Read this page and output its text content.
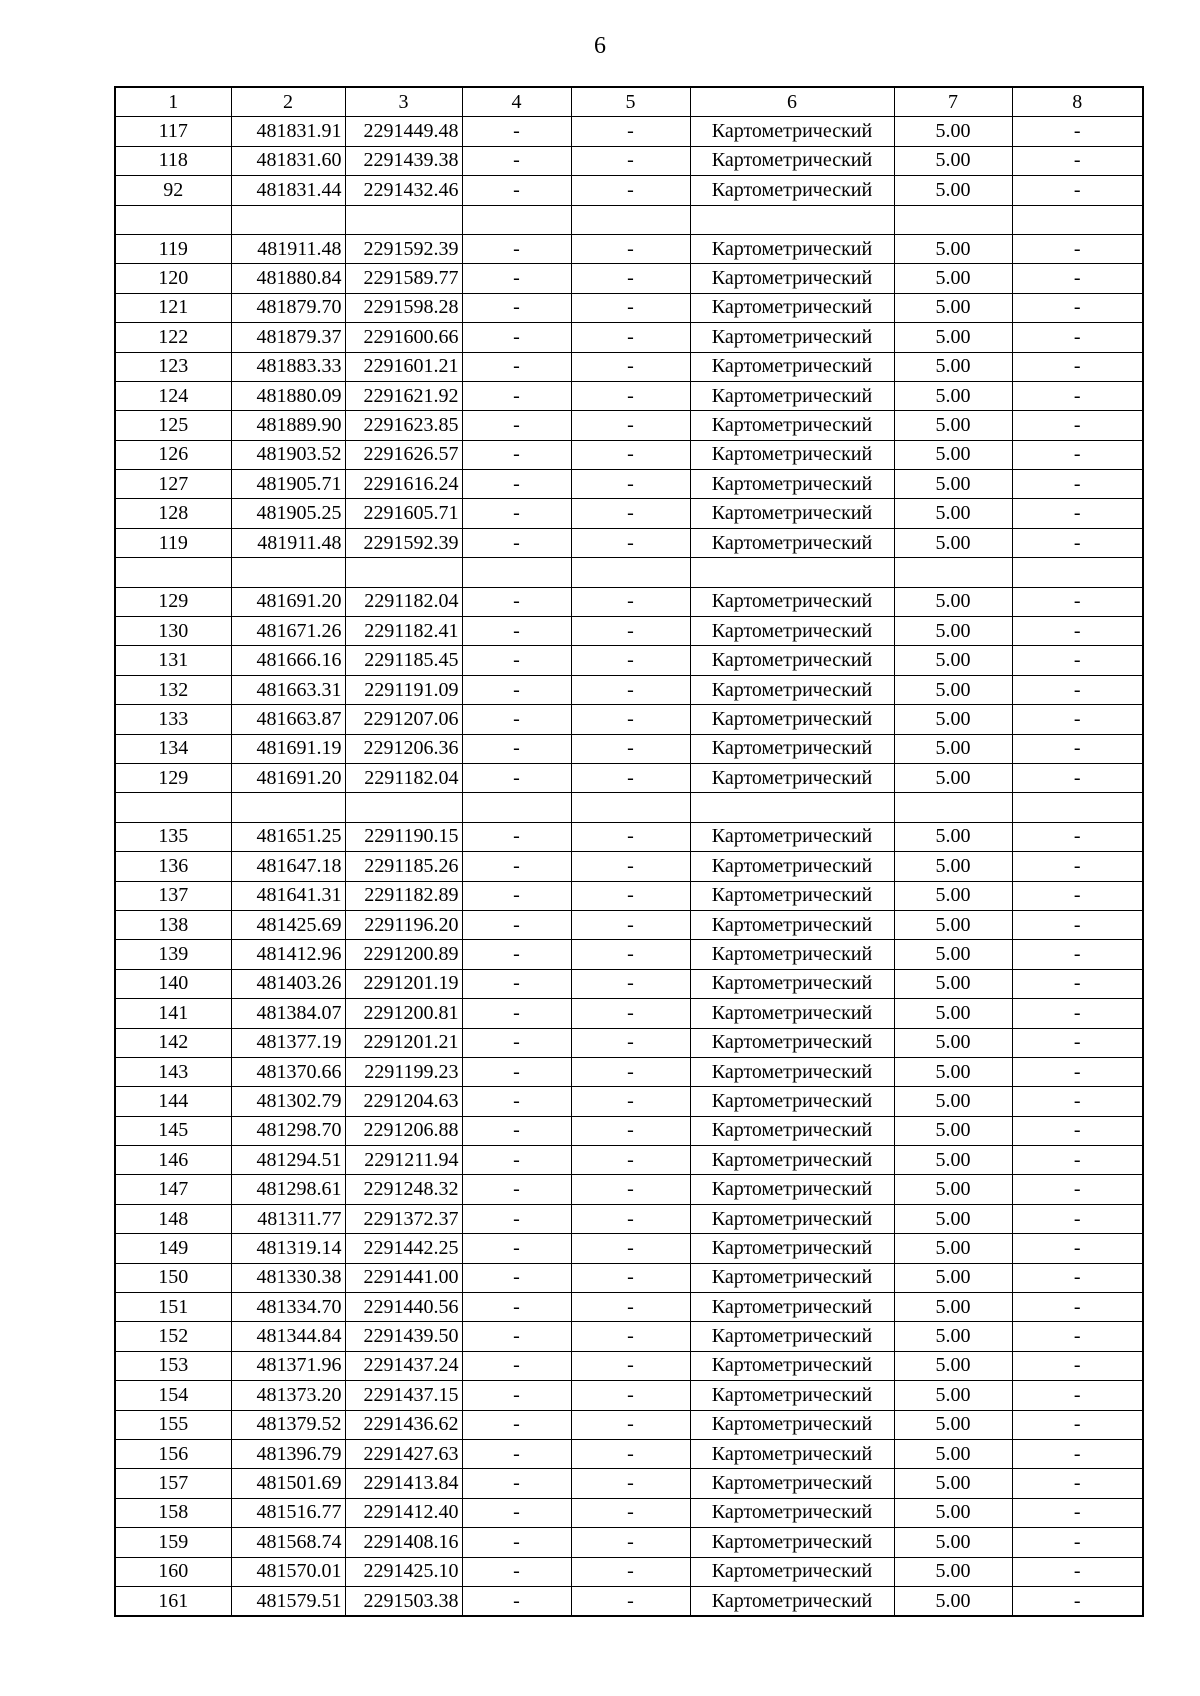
6
1	2	3	4	5	6	7	8
117	481831.91	2291449.48	-	-	Картометрический	5.00	-
118	481831.60	2291439.38	-	-	Картометрический	5.00	-
92	481831.44	2291432.46	-	-	Картометрический	5.00	-

119	481911.48	2291592.39	-	-	Картометрический	5.00	-
120	481880.84	2291589.77	-	-	Картометрический	5.00	-
121	481879.70	2291598.28	-	-	Картометрический	5.00	-
122	481879.37	2291600.66	-	-	Картометрический	5.00	-
123	481883.33	2291601.21	-	-	Картометрический	5.00	-
124	481880.09	2291621.92	-	-	Картометрический	5.00	-
125	481889.90	2291623.85	-	-	Картометрический	5.00	-
126	481903.52	2291626.57	-	-	Картометрический	5.00	-
127	481905.71	2291616.24	-	-	Картометрический	5.00	-
128	481905.25	2291605.71	-	-	Картометрический	5.00	-
119	481911.48	2291592.39	-	-	Картометрический	5.00	-

129	481691.20	2291182.04	-	-	Картометрический	5.00	-
130	481671.26	2291182.41	-	-	Картометрический	5.00	-
131	481666.16	2291185.45	-	-	Картометрический	5.00	-
132	481663.31	2291191.09	-	-	Картометрический	5.00	-
133	481663.87	2291207.06	-	-	Картометрический	5.00	-
134	481691.19	2291206.36	-	-	Картометрический	5.00	-
129	481691.20	2291182.04	-	-	Картометрический	5.00	-

135	481651.25	2291190.15	-	-	Картометрический	5.00	-
136	481647.18	2291185.26	-	-	Картометрический	5.00	-
137	481641.31	2291182.89	-	-	Картометрический	5.00	-
138	481425.69	2291196.20	-	-	Картометрический	5.00	-
139	481412.96	2291200.89	-	-	Картометрический	5.00	-
140	481403.26	2291201.19	-	-	Картометрический	5.00	-
141	481384.07	2291200.81	-	-	Картометрический	5.00	-
142	481377.19	2291201.21	-	-	Картометрический	5.00	-
143	481370.66	2291199.23	-	-	Картометрический	5.00	-
144	481302.79	2291204.63	-	-	Картометрический	5.00	-
145	481298.70	2291206.88	-	-	Картометрический	5.00	-
146	481294.51	2291211.94	-	-	Картометрический	5.00	-
147	481298.61	2291248.32	-	-	Картометрический	5.00	-
148	481311.77	2291372.37	-	-	Картометрический	5.00	-
149	481319.14	2291442.25	-	-	Картометрический	5.00	-
150	481330.38	2291441.00	-	-	Картометрический	5.00	-
151	481334.70	2291440.56	-	-	Картометрический	5.00	-
152	481344.84	2291439.50	-	-	Картометрический	5.00	-
153	481371.96	2291437.24	-	-	Картометрический	5.00	-
154	481373.20	2291437.15	-	-	Картометрический	5.00	-
155	481379.52	2291436.62	-	-	Картометрический	5.00	-
156	481396.79	2291427.63	-	-	Картометрический	5.00	-
157	481501.69	2291413.84	-	-	Картометрический	5.00	-
158	481516.77	2291412.40	-	-	Картометрический	5.00	-
159	481568.74	2291408.16	-	-	Картометрический	5.00	-
160	481570.01	2291425.10	-	-	Картометрический	5.00	-
161	481579.51	2291503.38	-	-	Картометрический	5.00	-
